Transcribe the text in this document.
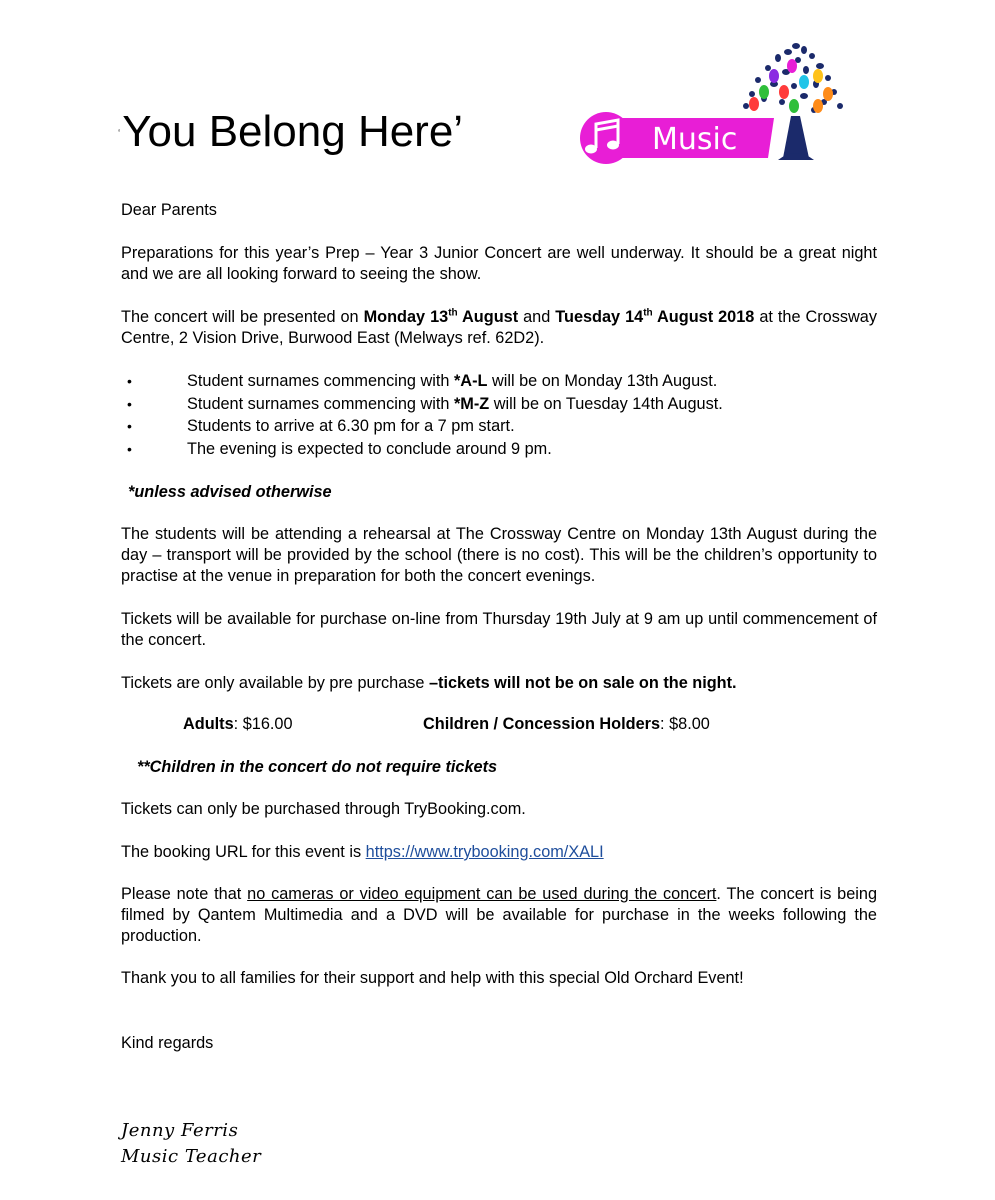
‘You Belong Here’	Music

Dear Parents

Preparations for this year’s Prep – Year 3 Junior Concert are well underway. It should be a great night and we are all looking forward to seeing the show.

The concert will be presented on Monday 13th August and Tuesday 14th August 2018 at the Crossway Centre, 2 Vision Drive, Burwood East (Melways ref. 62D2).

• Student surnames commencing with *A-L will be on Monday 13th August.
• Student surnames commencing with *M-Z will be on Tuesday 14th August.
• Students to arrive at 6.30 pm for a 7 pm start.
• The evening is expected to conclude around 9 pm.

*unless advised otherwise

The students will be attending a rehearsal at The Crossway Centre on Monday 13th August during the day – transport will be provided by the school (there is no cost). This will be the children’s opportunity to practise at the venue in preparation for both the concert evenings.

Tickets will be available for purchase on-line from Thursday 19th July at 9 am up until commencement of the concert.

Tickets are only available by pre purchase –tickets will not be on sale on the night.

Adults: $16.00	Children / Concession Holders: $8.00

**Children in the concert do not require tickets

Tickets can only be purchased through TryBooking.com.

The booking URL for this event is https://www.trybooking.com/XALI

Please note that no cameras or video equipment can be used during the concert. The concert is being filmed by Qantem Multimedia and a DVD will be available for purchase in the weeks following the production.

Thank you to all families for their support and help with this special Old Orchard Event!

Kind regards

Jenny Ferris
Music Teacher
